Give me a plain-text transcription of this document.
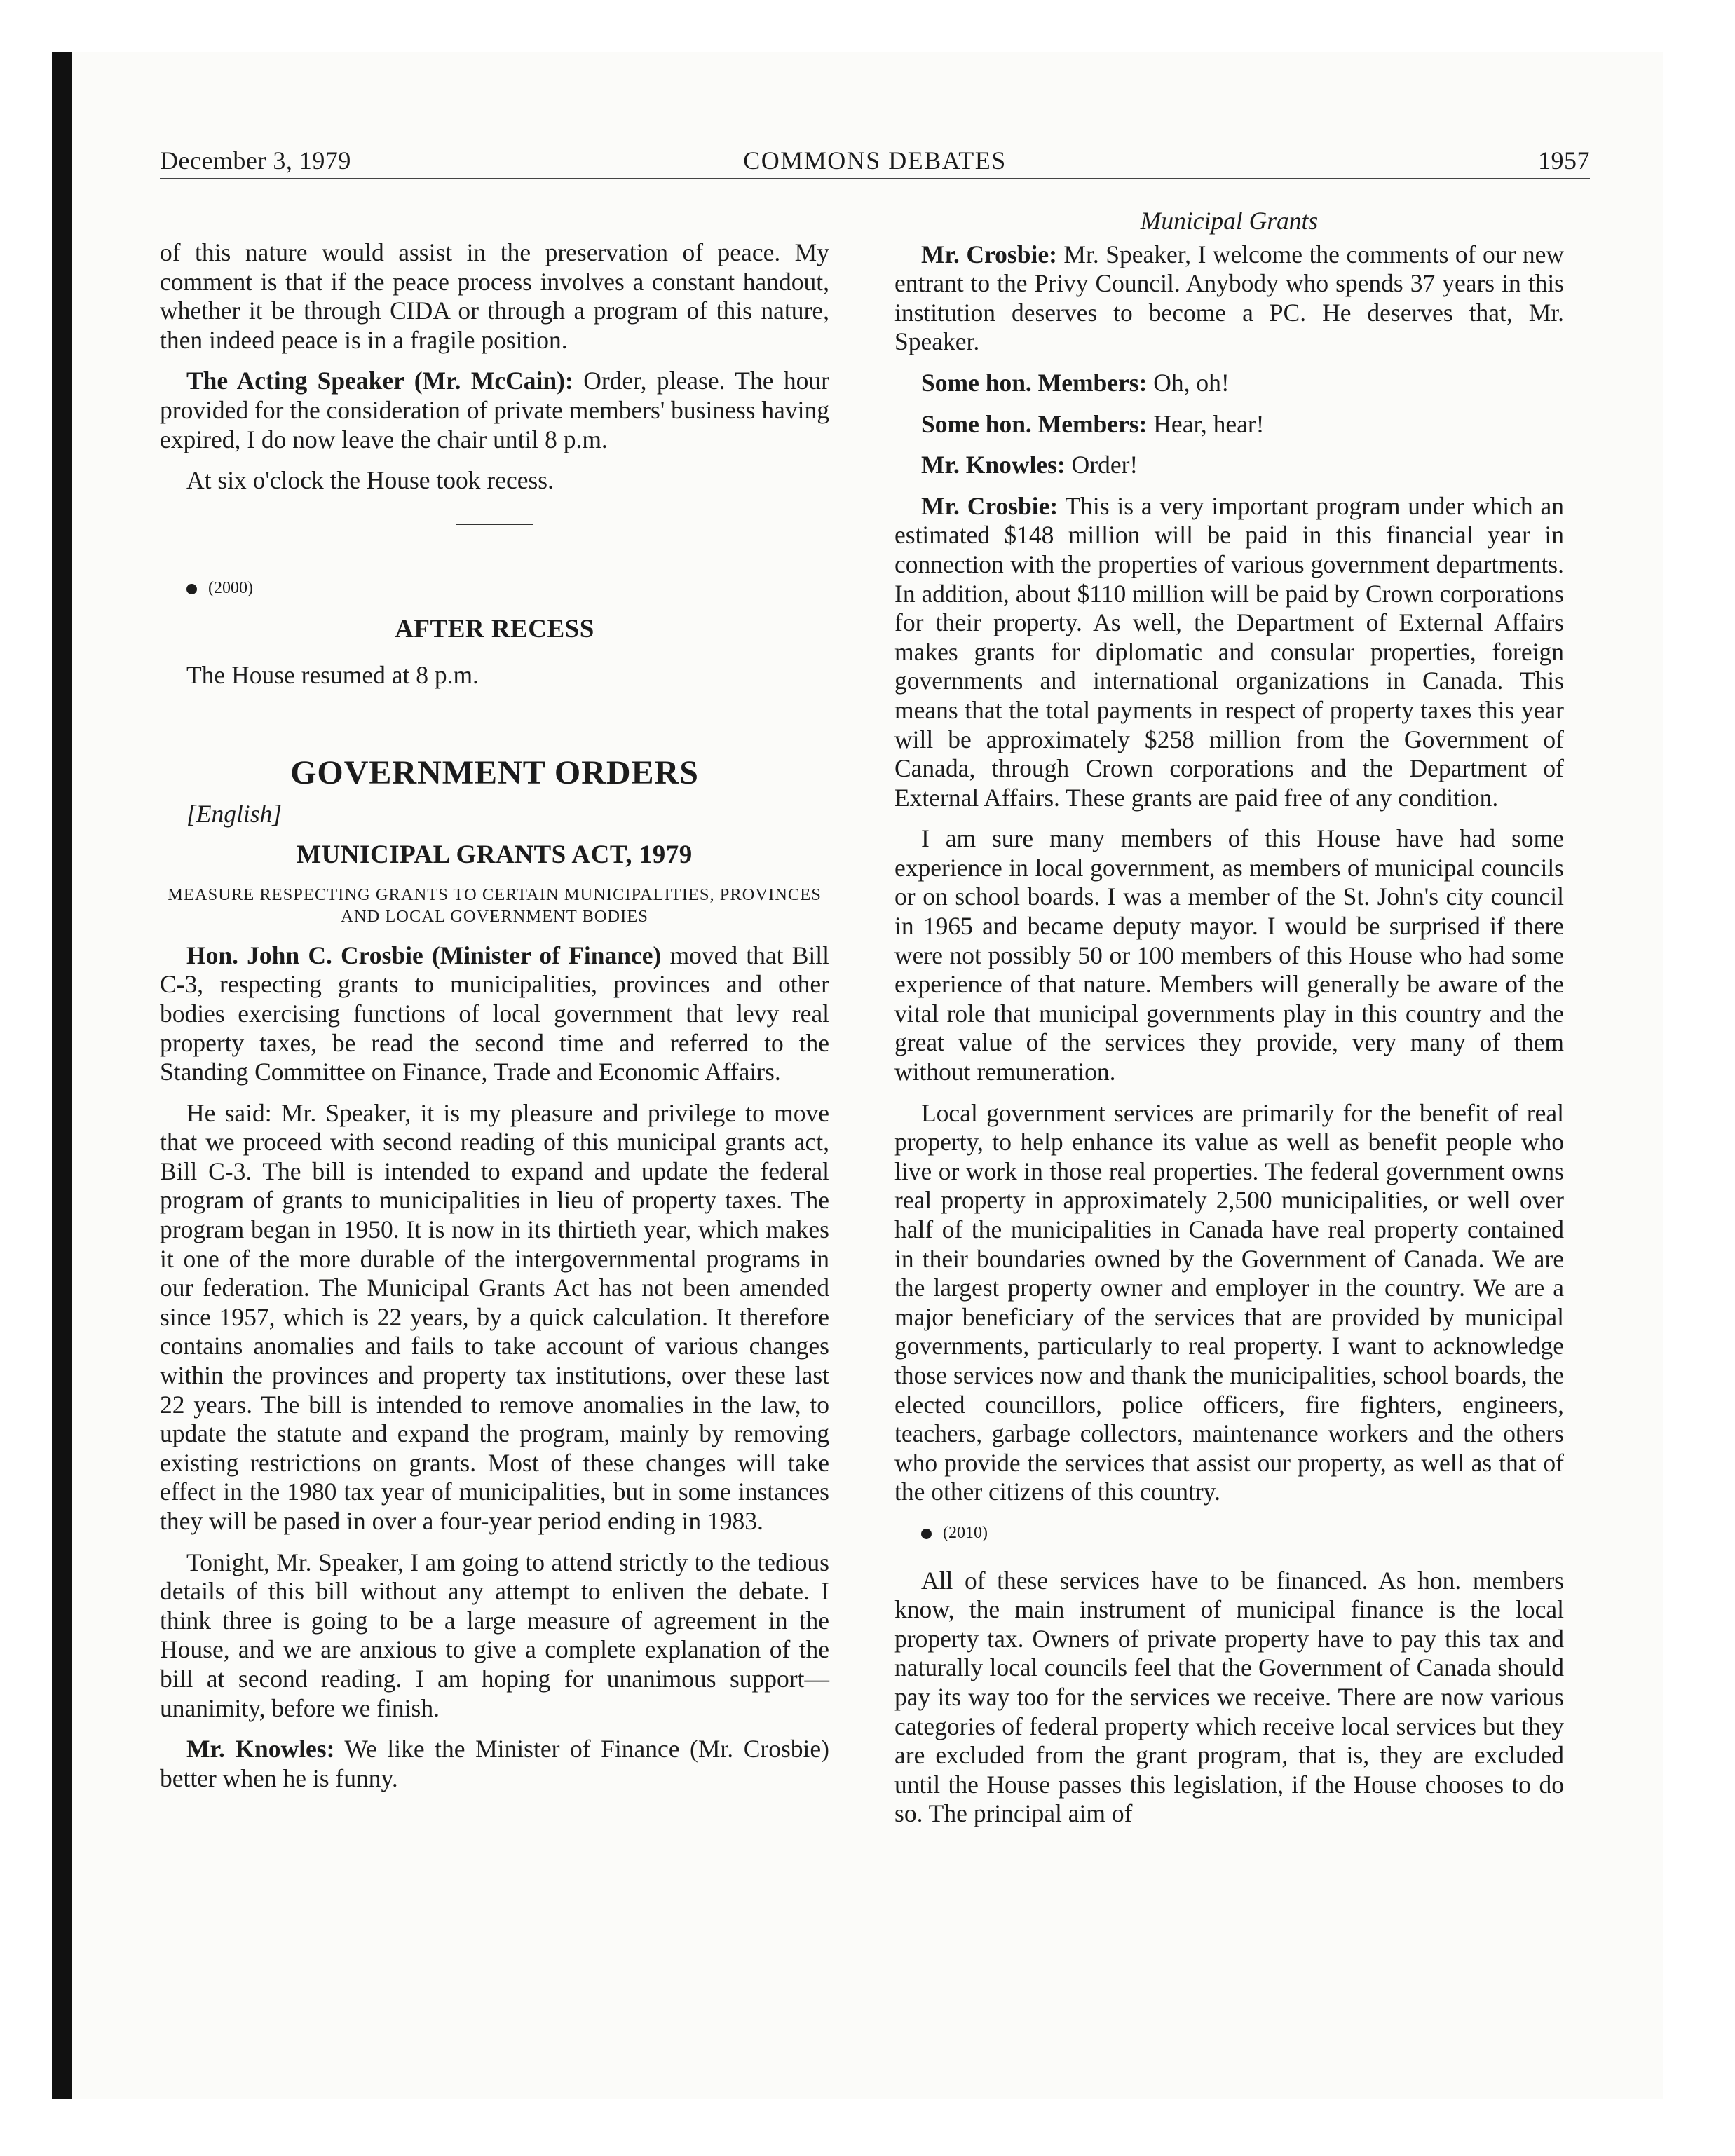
December 3, 1979	COMMONS DEBATES	1957

of this nature would assist in the preservation of peace. My comment is that if the peace process involves a constant handout, whether it be through CIDA or through a program of this nature, then indeed peace is in a fragile position.

The Acting Speaker (Mr. McCain): Order, please. The hour provided for the consideration of private members' business having expired, I do now leave the chair until 8 p.m.

At six o'clock the House took recess.

(2000)

AFTER RECESS

The House resumed at 8 p.m.

GOVERNMENT ORDERS

[English]

MUNICIPAL GRANTS ACT, 1979
MEASURE RESPECTING GRANTS TO CERTAIN MUNICIPALITIES, PROVINCES AND LOCAL GOVERNMENT BODIES

Hon. John C. Crosbie (Minister of Finance) moved that Bill C-3, respecting grants to municipalities, provinces and other bodies exercising functions of local government that levy real property taxes, be read the second time and referred to the Standing Committee on Finance, Trade and Economic Affairs.

He said: Mr. Speaker, it is my pleasure and privilege to move that we proceed with second reading of this municipal grants act, Bill C-3. The bill is intended to expand and update the federal program of grants to municipalities in lieu of property taxes. The program began in 1950. It is now in its thirtieth year, which makes it one of the more durable of the intergovernmental programs in our federation. The Municipal Grants Act has not been amended since 1957, which is 22 years, by a quick calculation. It therefore contains anomalies and fails to take account of various changes within the provinces and property tax institutions, over these last 22 years. The bill is intended to remove anomalies in the law, to update the statute and expand the program, mainly by removing existing restrictions on grants. Most of these changes will take effect in the 1980 tax year of municipalities, but in some instances they will be pased in over a four-year period ending in 1983.

Tonight, Mr. Speaker, I am going to attend strictly to the tedious details of this bill without any attempt to enliven the debate. I think three is going to be a large measure of agreement in the House, and we are anxious to give a complete explanation of the bill at second reading. I am hoping for unanimous support—unanimity, before we finish.

Mr. Knowles: We like the Minister of Finance (Mr. Crosbie) better when he is funny.

Municipal Grants

Mr. Crosbie: Mr. Speaker, I welcome the comments of our new entrant to the Privy Council. Anybody who spends 37 years in this institution deserves to become a PC. He deserves that, Mr. Speaker.

Some hon. Members: Oh, oh!

Some hon. Members: Hear, hear!

Mr. Knowles: Order!

Mr. Crosbie: This is a very important program under which an estimated $148 million will be paid in this financial year in connection with the properties of various government departments. In addition, about $110 million will be paid by Crown corporations for their property. As well, the Department of External Affairs makes grants for diplomatic and consular properties, foreign governments and international organizations in Canada. This means that the total payments in respect of property taxes this year will be approximately $258 million from the Government of Canada, through Crown corporations and the Department of External Affairs. These grants are paid free of any condition.

I am sure many members of this House have had some experience in local government, as members of municipal councils or on school boards. I was a member of the St. John's city council in 1965 and became deputy mayor. I would be surprised if there were not possibly 50 or 100 members of this House who had some experience of that nature. Members will generally be aware of the vital role that municipal governments play in this country and the great value of the services they provide, very many of them without remuneration.

Local government services are primarily for the benefit of real property, to help enhance its value as well as benefit people who live or work in those real properties. The federal government owns real property in approximately 2,500 municipalities, or well over half of the municipalities in Canada have real property contained in their boundaries owned by the Government of Canada. We are the largest property owner and employer in the country. We are a major beneficiary of the services that are provided by municipal governments, particularly to real property. I want to acknowledge those services now and thank the municipalities, school boards, the elected councillors, police officers, fire fighters, engineers, teachers, garbage collectors, maintenance workers and the others who provide the services that assist our property, as well as that of the other citizens of this country.

(2010)

All of these services have to be financed. As hon. members know, the main instrument of municipal finance is the local property tax. Owners of private property have to pay this tax and naturally local councils feel that the Government of Canada should pay its way too for the services we receive. There are now various categories of federal property which receive local services but they are excluded from the grant program, that is, they are excluded until the House passes this legislation, if the House chooses to do so. The principal aim of
